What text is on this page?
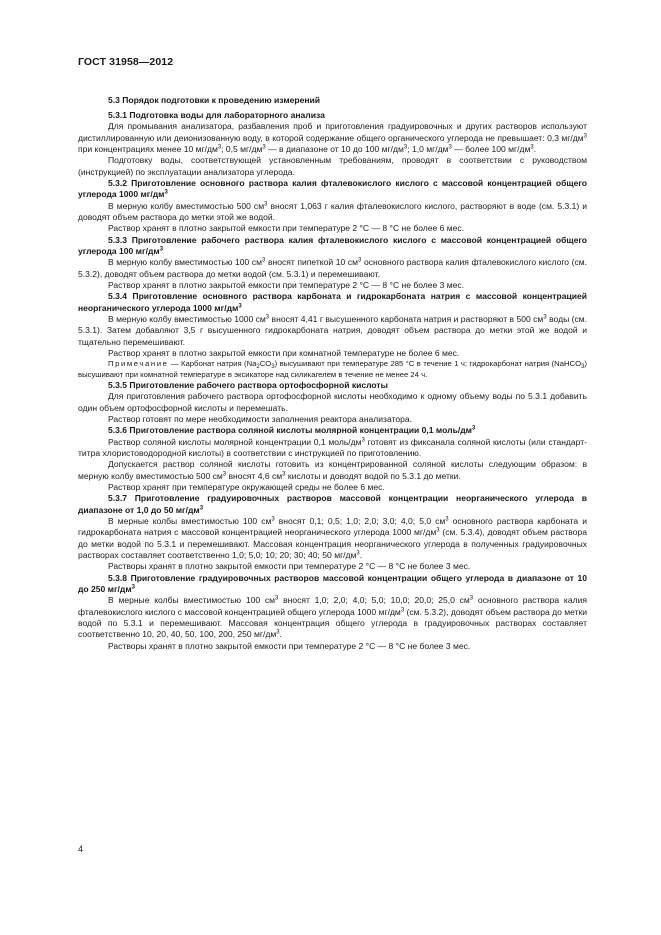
ГОСТ 31958—2012

5.3 Порядок подготовки к проведению измерений

5.3.1 Подготовка воды для лабораторного анализа

Для промывания анализатора, разбавления проб и приготовления градуировочных и других растворов используют дистиллированную или деионизованную воду, в которой содержание общего органического углерода не превышает: 0,3 $мг/дм^3$ при концентрациях менее 10 $мг/дм^3$; 0,5 $мг/дм^3$ — в диапазоне от 10 до 100 $мг/дм^3$; 1,0 $мг/дм^3$ — более 100 $мг/дм^3$.

Подготовку воды, соответствующей установленным требованиям, проводят в соответствии с руководством (инструкцией) по эксплуатации анализатора углерода.

5.3.2 Приготовление основного раствора калия фталевокислого кислого с массовой концентрацией общего углерода 1000 $мг/дм^3$

В мерную колбу вместимостью 500 $см^3$ вносят 1,063 г калия фталевокислого кислого, растворяют в воде (см. 5.3.1) и доводят объем раствора до метки этой же водой.

Раствор хранят в плотно закрытой емкости при температуре 2 °С — 8 °С не более 6 мес.

5.3.3 Приготовление рабочего раствора калия фталевокислого кислого с массовой концентрацией общего углерода 100 $мг/дм^3$

В мерную колбу вместимостью 100 $см^3$ вносят пипеткой 10 $см^3$ основного раствора калия фталевокислого кислого (см. 5.3.2), доводят объем раствора до метки водой (см. 5.3.1) и перемешивают.

Раствор хранят в плотно закрытой емкости при температуре 2 °С — 8 °С не более 3 мес.

5.3.4 Приготовление основного раствора карбоната и гидрокарбоната натрия с массовой концентрацией неорганического углерода 1000 $мг/дм^3$

В мерную колбу вместимостью 1000 $см^3$ вносят 4,41 г высушенного карбоната натрия и растворяют в 500 $см^3$ воды (см. 5.3.1). Затем добавляют 3,5 г высушенного гидрокарбоната натрия, доводят объем раствора до метки этой же водой и тщательно перемешивают.

Раствор хранят в плотно закрытой емкости при комнатной температуре не более 6 мес.

Примечание — Карбонат натрия $(Na_2CO_3)$ высушивают при температуре 285 °С в течение 1 ч; гидрокарбонат натрия (NaHCO$_3$) высушивают при комнатной температуре в эксикаторе над силикагелем в течение не менее 24 ч.

5.3.5 Приготовление рабочего раствора ортофосфорной кислоты

Для приготовления рабочего раствора ортофосфорной кислоты необходимо к одному объему воды по 5.3.1 добавить один объем ортофосфорной кислоты и перемешать.

Раствор готовят по мере необходимости заполнения реактора анализатора.

5.3.6 Приготовление раствора соляной кислоты молярной концентрации 0,1 моль/$дм^3$

Раствор соляной кислоты молярной концентрации 0,1 моль/$дм^3$ готовят из фиксанала соляной кислоты (или стандарт-титра хлористоводородной кислоты) в соответствии с инструкцией по приготовлению.

Допускается раствор соляной кислоты готовить из концентрированной соляной кислоты следующим образом: в мерную колбу вместимостью 500 $см^3$ вносят 4,6 $см^3$ кислоты и доводят водой по 5.3.1 до метки.

Раствор хранят при температуре окружающей среды не более 6 мес.

5.3.7 Приготовление градуировочных растворов массовой концентрации неорганического углерода в диапазоне от 1,0 до 50 $мг/дм^3$

В мерные колбы вместимостью 100 $см^3$ вносят 0,1; 0,5; 1,0; 2,0; 3,0; 4,0; 5,0 $см^3$ основного раствора карбоната и гидрокарбоната натрия с массовой концентрацией неорганического углерода 1000 $мг/дм^3$ (см. 5.3.4), доводят объем раствора до метки водой по 5.3.1 и перемешивают. Массовая концентрация неорганического углерода в полученных градуировочных растворах составляет соответственно 1,0; 5,0; 10; 20; 30; 40; 50 $мг/дм^3$.

Растворы хранят в плотно закрытой емкости при температуре 2 °С — 8 °С не более 3 мес.

5.3.8 Приготовление градуировочных растворов массовой концентрации общего углерода в диапазоне от 10 до 250 $мг/дм^3$

В мерные колбы вместимостью 100 $см^3$ вносят 1,0; 2,0; 4,0; 5,0; 10,0; 20,0; 25,0 $см^3$ основного раствора калия фталевокислого кислого с массовой концентрацией общего углерода 1000 $мг/дм^3$ (см. 5.3.2), доводят объем раствора до метки водой по 5.3.1 и перемешивают. Массовая концентрация общего углерода в градуировочных растворах составляет соответственно 10, 20, 40, 50, 100, 200, 250 $мг/дм^3$.

Растворы хранят в плотно закрытой емкости при температуре 2 °С — 8 °С не более 3 мес.

4
